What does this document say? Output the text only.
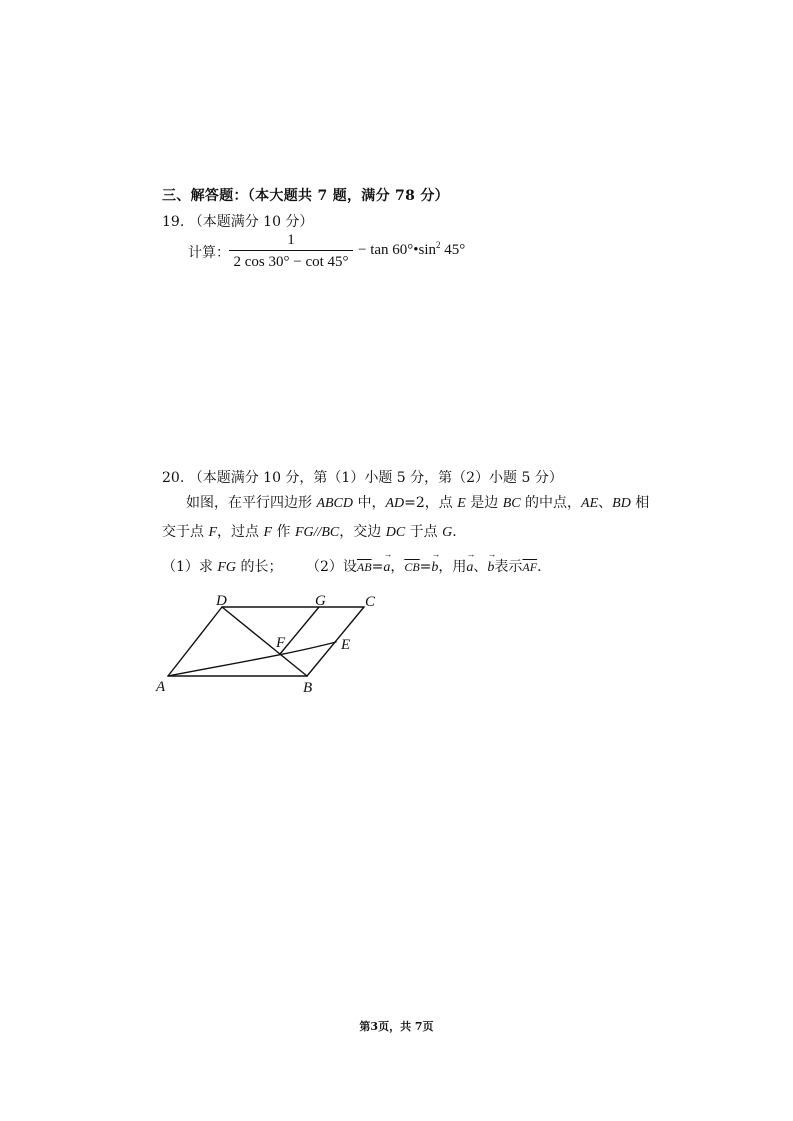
三、解答题：（本大题共 7 题，满分 78 分）
19. （本题满分 10 分）
计算：
1
2 cos 30° − cot 45°
− $\tan 60^\circ•\sin^2$ 45°
20. （本题满分 10 分，第（1）小题 5 分，第（2）小题 5 分）
如图，在平行四边形 ABCD 中，AD=2，点 E 是边 BC 的中点，AE、BD 相
交于点 F，过点 F 作 FG//BC，交边 DC 于点 G.
（1）求 FG 的长； （2）设$\overline{AB}=\to a$，$\overline{CB}=\to b$，用→ a、→ b表示$\overline{AF}$.
A	B
C
D
E
F
G
第3页，共 7页
